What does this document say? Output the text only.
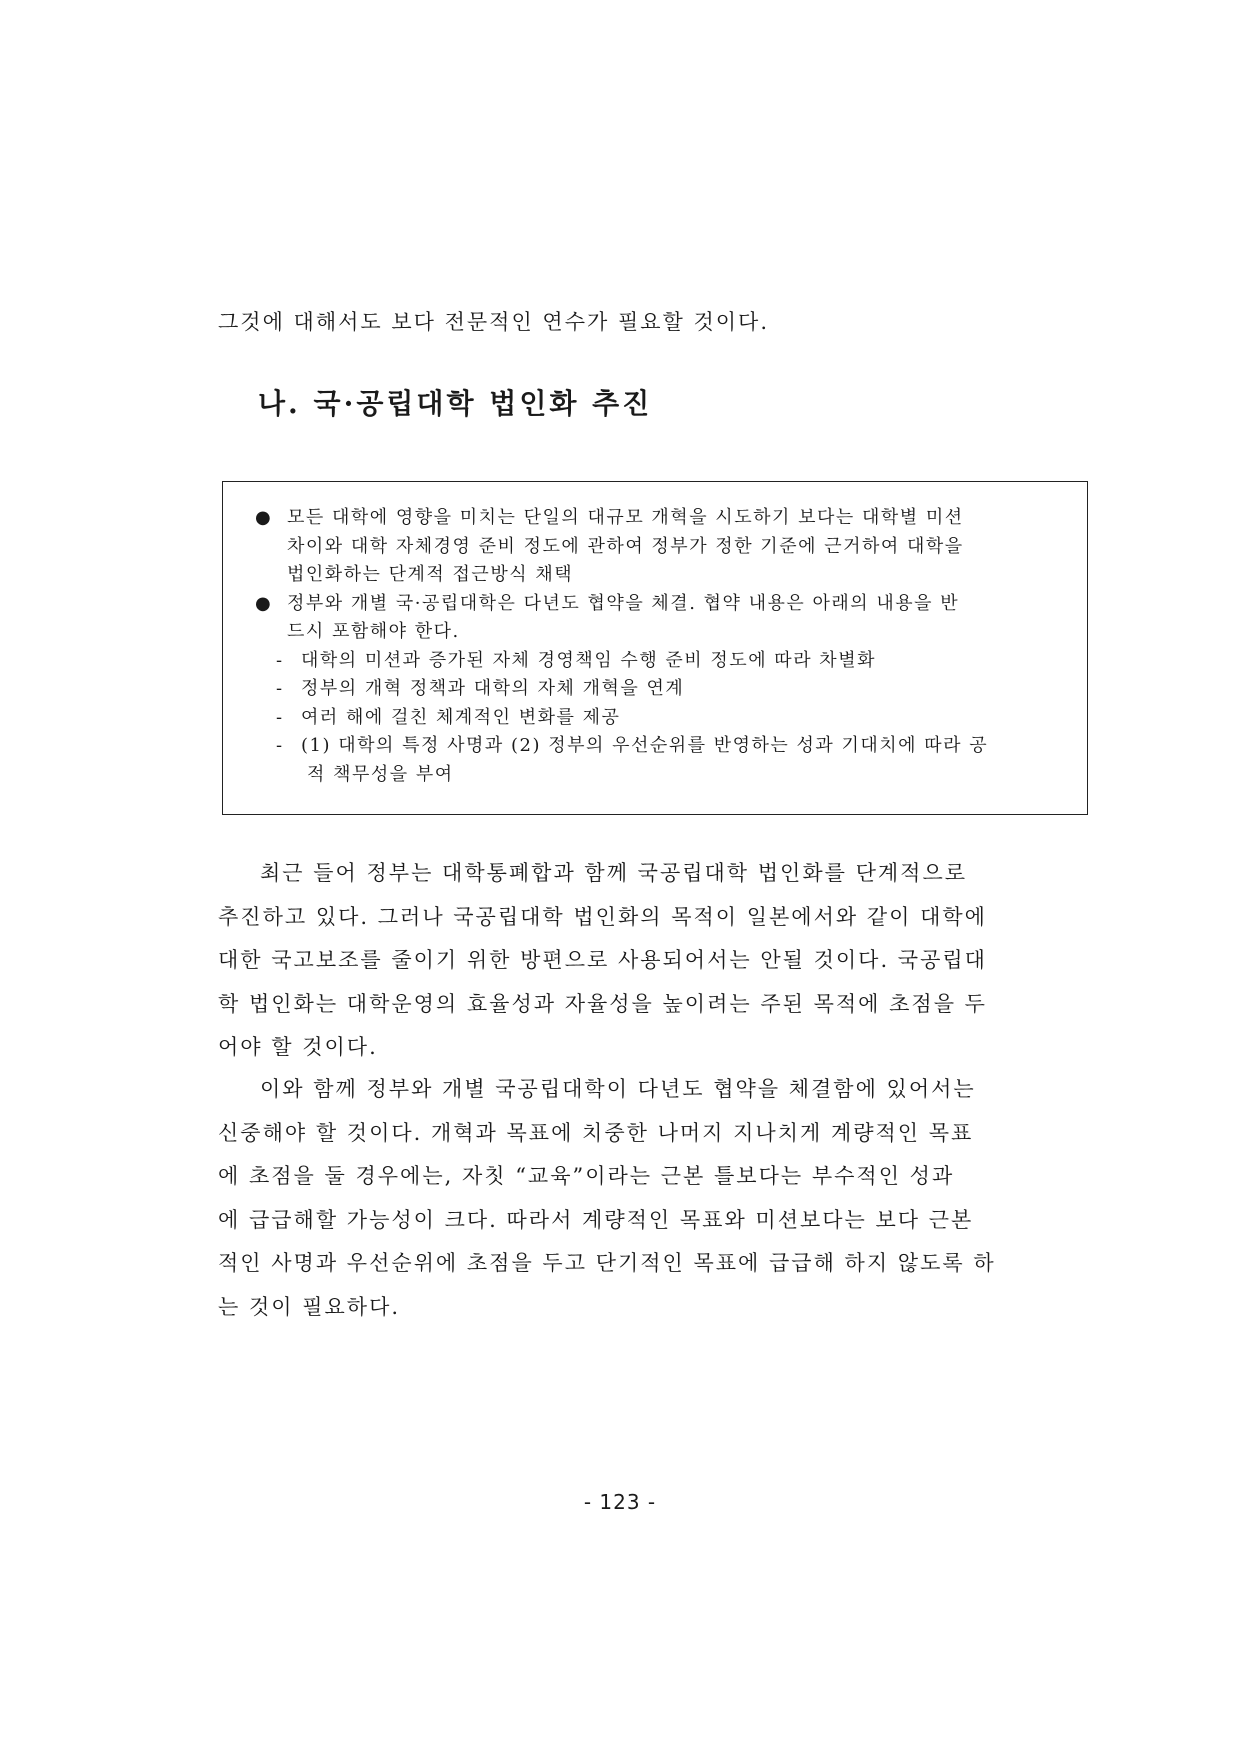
그것에 대해서도 보다 전문적인 연수가 필요할 것이다.
나. 국·공립대학 법인화 추진
● 모든 대학에 영향을 미치는 단일의 대규모 개혁을 시도하기 보다는 대학별 미션
차이와 대학 자체경영 준비 정도에 관하여 정부가 정한 기준에 근거하여 대학을
법인화하는 단계적 접근방식 채택
● 정부와 개별 국·공립대학은 다년도 협약을 체결. 협약 내용은 아래의 내용을 반
드시 포함해야 한다.
- 대학의 미션과 증가된 자체 경영책임 수행 준비 정도에 따라 차별화
- 정부의 개혁 정책과 대학의 자체 개혁을 연계
- 여러 해에 걸친 체계적인 변화를 제공
- (1) 대학의 특정 사명과 (2) 정부의 우선순위를 반영하는 성과 기대치에 따라 공
적 책무성을 부여
최근 들어 정부는 대학통폐합과 함께 국공립대학 법인화를 단계적으로
추진하고 있다. 그러나 국공립대학 법인화의 목적이 일본에서와 같이 대학에
대한 국고보조를 줄이기 위한 방편으로 사용되어서는 안될 것이다. 국공립대
학 법인화는 대학운영의 효율성과 자율성을 높이려는 주된 목적에 초점을 두
어야 할 것이다.
이와 함께 정부와 개별 국공립대학이 다년도 협약을 체결함에 있어서는
신중해야 할 것이다. 개혁과 목표에 치중한 나머지 지나치게 계량적인 목표
에 초점을 둘 경우에는, 자칫 “교육”이라는 근본 틀보다는 부수적인 성과
에 급급해할 가능성이 크다. 따라서 계량적인 목표와 미션보다는 보다 근본
적인 사명과 우선순위에 초점을 두고 단기적인 목표에 급급해 하지 않도록 하
는 것이 필요하다.
- 123 -
